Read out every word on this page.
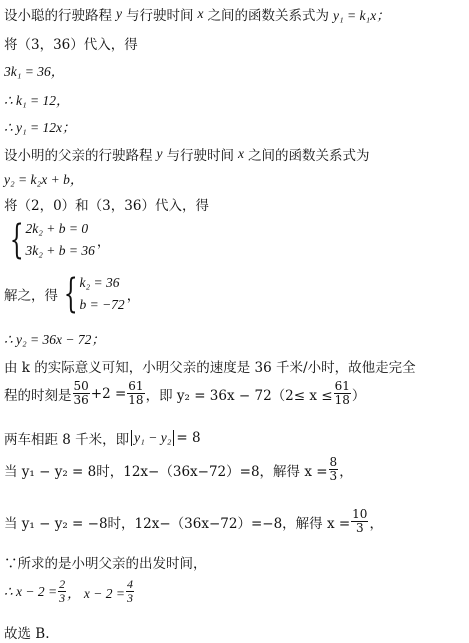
设小聪的行驶路程 y 与行驶时间 x 之间的函数关系式为 y₁ = k₁x；
将（3，36）代入，得
3k₁ = 36，
∴ k₁ = 12，
∴ y₁ = 12x；
设小明的父亲的行驶路程 y 与行驶时间 x 之间的函数关系式为
y₂ = k₂x + b，
将（2，0）和（3，36）代入，得
{ 2k₂ + b = 0
3k₂ + b = 36
，
解之，得 { k₂ = 36
b = −72
，
∴ y₂ = 36x − 72；
由 k 的实际意义可知，小明父亲的速度是 36 千米/小时，故他走完全
程的时刻是 $\frac{50}{36} +2 = \frac{61}{18}$ ，即 $y_2 = 36x - 72(2\le x \le \frac{61}{18}$ ）
两车相距 8 千米，即 y₁ − y₂ = 8
当 y₁ − y₂ = 8时，12x−（36x−72）=8，解得 $x = \frac{8}{3}$ ，
当 y₁ − y₂ = −8时，12x−（36x−72）=−8，解得 $x = \frac{10}{3}$ ，
∵所求的是小明父亲的出发时间，
∴ $x - 2 = \frac{2}{3}$ ， $x - 2 = \frac{4}{3}$
故选 B.
